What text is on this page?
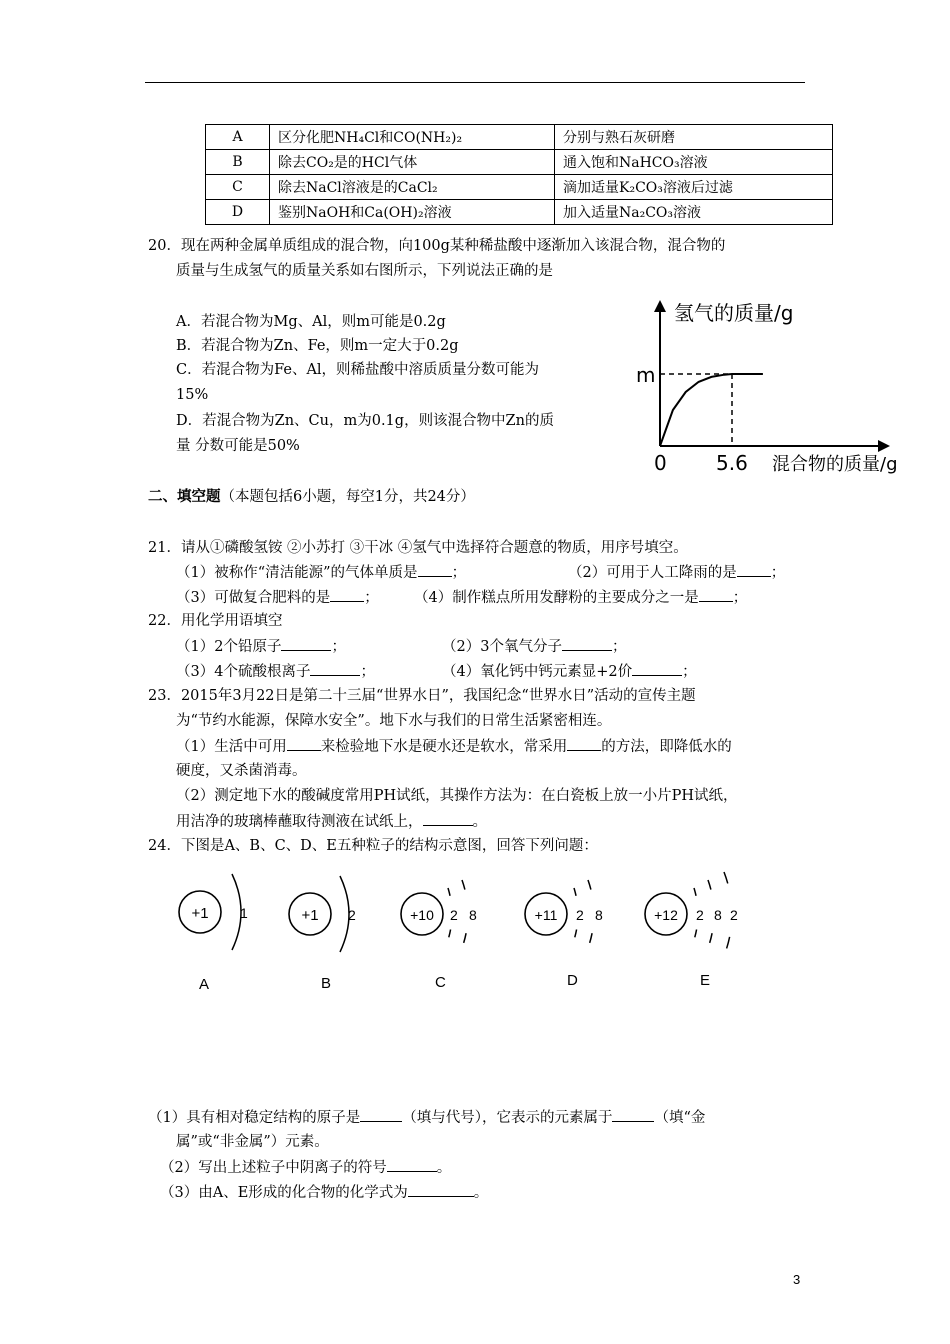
A	区分化肥NH₄Cl和CO(NH₂)₂	分别与熟石灰研磨
B	除去CO₂是的HCl气体	通入饱和NaHCO₃溶液
C	除去NaCl溶液是的CaCl₂	滴加适量K₂CO₃溶液后过滤
D	鉴别NaOH和Ca(OH)₂溶液	加入适量Na₂CO₃溶液
20．现在两种金属单质组成的混合物，向100g某种稀盐酸中逐渐加入该混合物，混合物的
质量与生成氢气的质量关系如右图所示，下列说法正确的是
A．若混合物为Mg、Al，则m可能是0.2g
B．若混合物为Zn、Fe，则m一定大于0.2g
C．若混合物为Fe、Al，则稀盐酸中溶质质量分数可能为
15%
D．若混合物为Zn、Cu，m为0.1g，则该混合物中Zn的质
量 分数可能是50%
氢气的质量/g
混合物的质量/g
0 5.6
m
二、填空题（本题包括6小题，每空1分，共24分）
21．请从①磷酸氢铵 ②小苏打 ③干冰 ④氢气中选择符合题意的物质，用序号填空。
（1）被称作“清洁能源”的气体单质是 ；	（2）可用于人工降雨的是 ；
（3）可做复合肥料的是 ； （4）制作糕点所用发酵粉的主要成分之一是 ；
22．用化学用语填空
（1）2个铅原子	；	（2）3个氧气分子	；
（3）4个硫酸根离子	；	（4）氧化钙中钙元素显+2价	；
23．2015年3月22日是第二十三届“世界水日”，我国纪念“世界水日”活动的宣传主题
为“节约水能源，保障水安全”。地下水与我们的日常生活紧密相连。
（1）生活中可用 来检验地下水是硬水还是软水，常采用 的方法，即降低水的
硬度，又杀菌消毒。
（2）测定地下水的酸碱度常用PH试纸，其操作方法为：在白瓷板上放一小片PH试纸，
用洁净的玻璃棒蘸取待测液在试纸上，	。
24．下图是A、B、C、D、E五种粒子的结构示意图，回答下列问题：
+1 1	+1 2	+10 2 8	+11 2 8	+12 2 8 2
A	B	C	D	E
（1）具有相对稳定结构的原子是	（填与代号），它表示的元素属于	（填“金
属”或“非金属”）元素。
（2）写出上述粒子中阴离子的符号	。
（3）由A、E形成的化合物的化学式为	。
3
